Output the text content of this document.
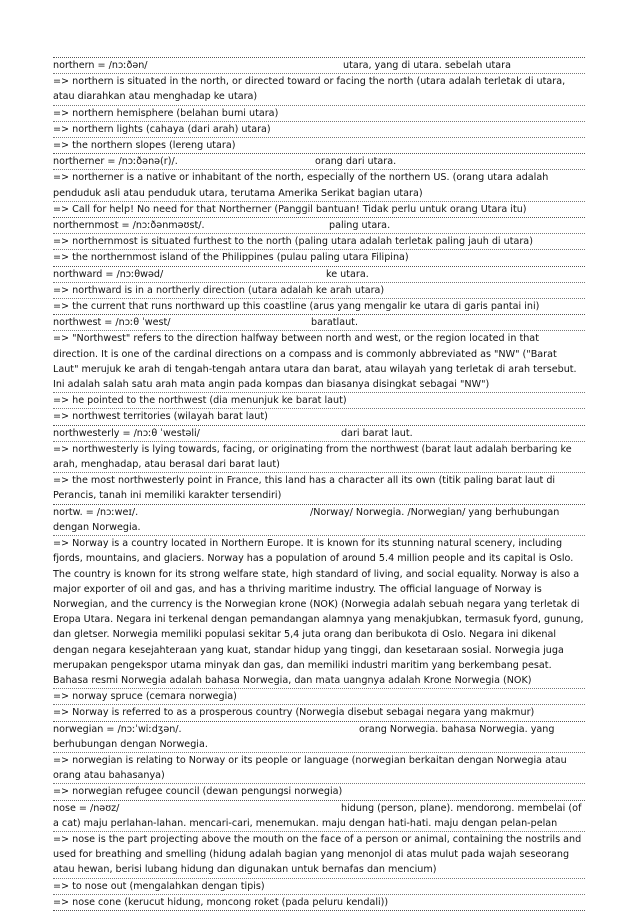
northern = /nɔːðən/	utara, yang di utara. sebelah utara
=> northern is situated in the north, or directed toward or facing the north (utara adalah terletak di utara, atau diarahkan atau menghadap ke utara)
=> northern hemisphere (belahan bumi utara)
=> northern lights (cahaya (dari arah) utara)
=> the northern slopes (lereng utara)
northerner = /nɔːðənə(r)/.	orang dari utara.
=> northerner is a native or inhabitant of the north, especially of the northern US. (orang utara adalah penduduk asli atau penduduk utara, terutama Amerika Serikat bagian utara)
=> Call for help! No need for that Northerner (Panggil bantuan! Tidak perlu untuk orang Utara itu)
northernmost = /nɔːðənməʊst/.	paling utara.
=> northernmost is situated furthest to the north (paling utara adalah terletak paling jauh di utara)
=> the northernmost island of the Philippines (pulau paling utara Filipina)
northward = /nɔːθwəd/	ke utara.
=> northward is in a northerly direction (utara adalah ke arah utara)
=> the current that runs northward up this coastline (arus yang mengalir ke utara di garis pantai ini)
northwest = /nɔːθ ˈwest/	baratlaut.
=> "Northwest" refers to the direction halfway between north and west, or the region located in that direction. It is one of the cardinal directions on a compass and is commonly abbreviated as "NW" ("Barat Laut" merujuk ke arah di tengah-tengah antara utara dan barat, atau wilayah yang terletak di arah tersebut. Ini adalah salah satu arah mata angin pada kompas dan biasanya disingkat sebagai "NW")
=> he pointed to the northwest (dia menunjuk ke barat laut)
=> northwest territories (wilayah barat laut)
northwesterly = /nɔːθ ˈwestəli/	dari barat laut.
=> northwesterly is lying towards, facing, or originating from the northwest (barat laut adalah berbaring ke arah, menghadap, atau berasal dari barat laut)
=> the most northwesterly point in France, this land has a character all its own (titik paling barat laut di Perancis, tanah ini memiliki karakter tersendiri)
nortw. = /nɔːweɪ/.	/Norway/ Norwegia. /Norwegian/ yang berhubungan dengan Norwegia.
=> Norway is a country located in Northern Europe. It is known for its stunning natural scenery, including fjords, mountains, and glaciers. Norway has a population of around 5.4 million people and its capital is Oslo. The country is known for its strong welfare state, high standard of living, and social equality. Norway is also a major exporter of oil and gas, and has a thriving maritime industry. The official language of Norway is Norwegian, and the currency is the Norwegian krone (NOK) (Norwegia adalah sebuah negara yang terletak di Eropa Utara. Negara ini terkenal dengan pemandangan alamnya yang menakjubkan, termasuk fyord, gunung, dan gletser. Norwegia memiliki populasi sekitar 5,4 juta orang dan beribukota di Oslo. Negara ini dikenal dengan negara kesejahteraan yang kuat, standar hidup yang tinggi, dan kesetaraan sosial. Norwegia juga merupakan pengekspor utama minyak dan gas, dan memiliki industri maritim yang berkembang pesat. Bahasa resmi Norwegia adalah bahasa Norwegia, dan mata uangnya adalah Krone Norwegia (NOK)
=> norway spruce (cemara norwegia)
=> Norway is referred to as a prosperous country (Norwegia disebut sebagai negara yang makmur)
norwegian = /nɔːˈwiːdʒən/.	orang Norwegia. bahasa Norwegia. yang berhubungan dengan Norwegia.
=> norwegian is relating to Norway or its people or language (norwegian berkaitan dengan Norwegia atau orang atau bahasanya)
=> norwegian refugee council (dewan pengungsi norwegia)
nose = /nəʊz/	hidung (person, plane). mendorong. membelai (of a cat) maju perlahan-lahan. mencari-cari, menemukan. maju dengan hati-hati. maju dengan pelan-pelan
=> nose is the part projecting above the mouth on the face of a person or animal, containing the nostrils and used for breathing and smelling (hidung adalah bagian yang menonjol di atas mulut pada wajah seseorang atau hewan, berisi lubang hidung dan digunakan untuk bernafas dan mencium)
=> to nose out (mengalahkan dengan tipis)
=> nose cone (kerucut hidung, moncong roket (pada peluru kendali))
